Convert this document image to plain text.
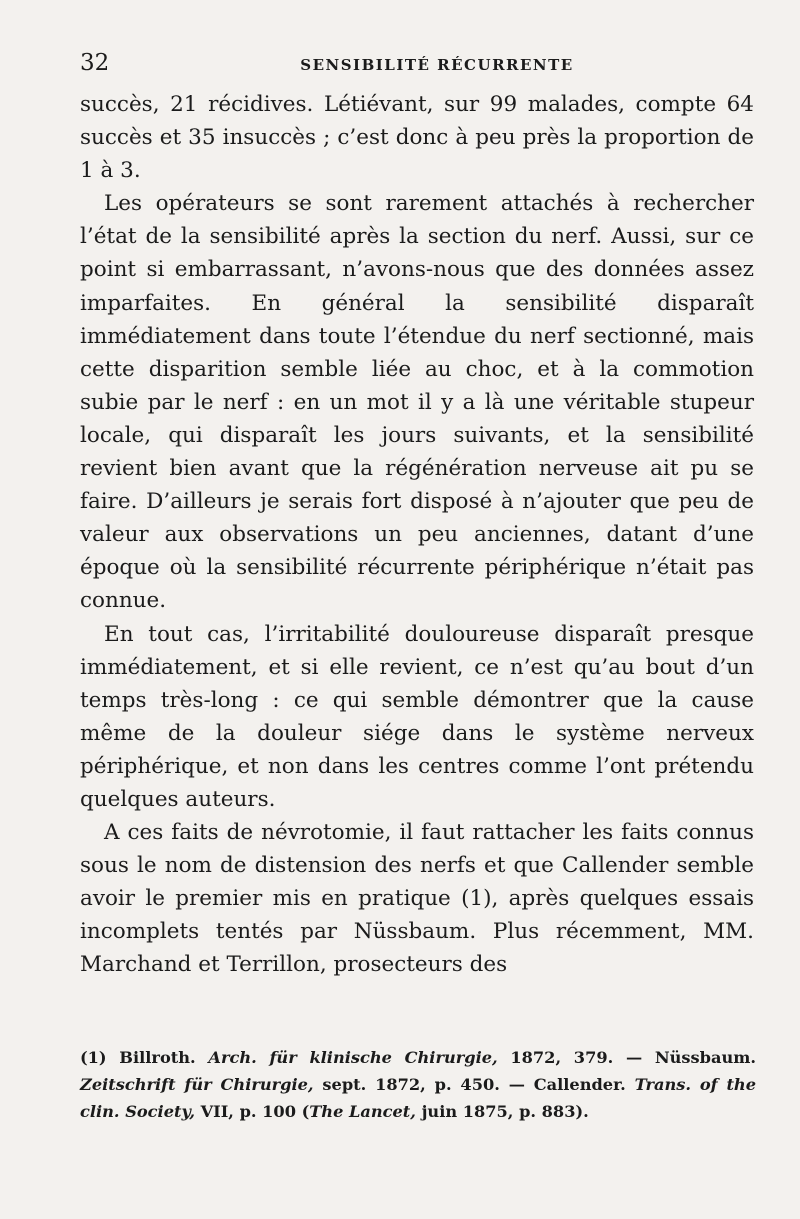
32	SENSIBILITÉ RÉCURRENTE

succès, 21 récidives. Létiévant, sur 99 malades, compte 64 succès et 35 insuccès ; c’est donc à peu près la proportion de 1 à 3.

Les opérateurs se sont rarement attachés à rechercher l’état de la sensibilité après la section du nerf. Aussi, sur ce point si embarrassant, n’avons-nous que des données assez imparfaites. En général la sensibilité disparaît immédiatement dans toute l’étendue du nerf sectionné, mais cette disparition semble liée au choc, et à la commotion subie par le nerf : en un mot il y a là une véritable stupeur locale, qui disparaît les jours suivants, et la sensibilité revient bien avant que la régénération nerveuse ait pu se faire. D’ailleurs je serais fort disposé à n’ajouter que peu de valeur aux observations un peu anciennes, datant d’une époque où la sensibilité récurrente périphérique n’était pas connue.

En tout cas, l’irritabilité douloureuse disparaît presque immédiatement, et si elle revient, ce n’est qu’au bout d’un temps très-long : ce qui semble démontrer que la cause même de la douleur siége dans le système nerveux périphérique, et non dans les centres comme l’ont prétendu quelques auteurs.

A ces faits de névrotomie, il faut rattacher les faits connus sous le nom de distension des nerfs et que Callender semble avoir le premier mis en pratique (1), après quelques essais incomplets tentés par Nüssbaum. Plus récemment, MM. Marchand et Terrillon, prosecteurs des

(1) Billroth. Arch. für klinische Chirurgie, 1872, 379. — Nüssbaum. Zeitschrift für Chirurgie, sept. 1872, p. 450. — Callender. Trans. of the clin. Society, VII, p. 100 (The Lancet, juin 1875, p. 883).
